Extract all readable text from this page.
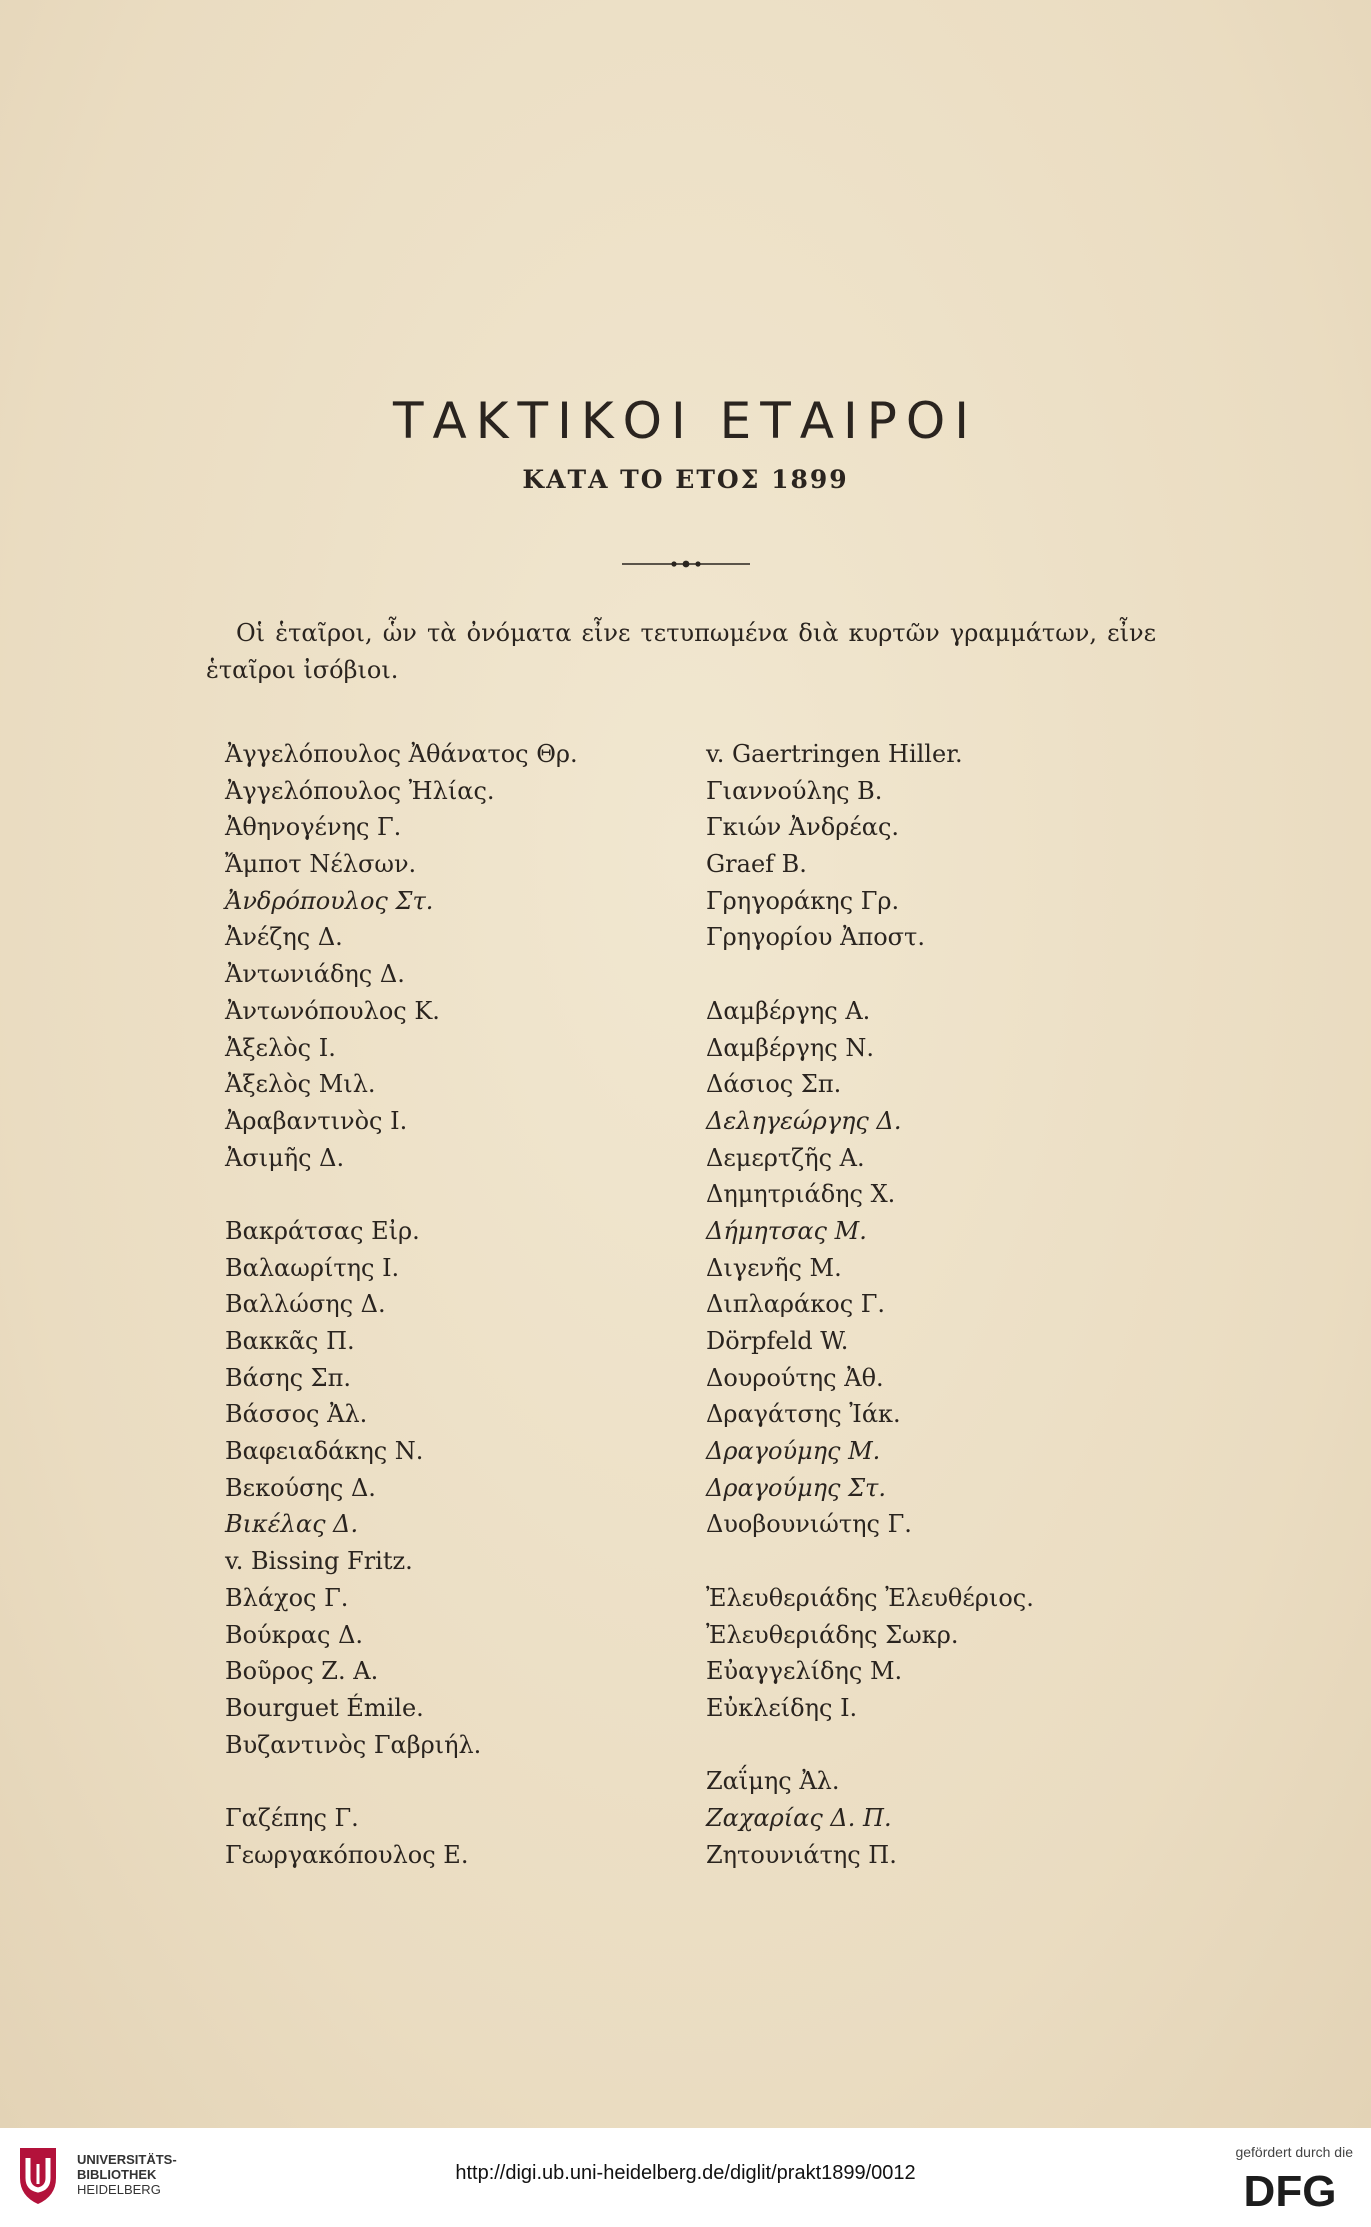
ΤΑΚΤΙΚΟΙ ΕΤΑΙΡΟΙ
ΚΑΤΑ ΤΟ ΕΤΟΣ 1899
Οἱ ἑταῖροι, ὧν τὰ ὀνόματα εἶνε τετυπωμένα διὰ κυρτῶν γραμμάτων, εἶνε ἑταῖροι ἰσόβιοι.
Ἀγγελόπουλος Ἀθάνατος Θρ.
Ἀγγελόπουλος Ἠλίας.
Ἀθηνογένης Γ.
Ἄμποτ Νέλσων.
Ἀνδρόπουλος Στ.
Ἀνέζης Δ.
Ἀντωνιάδης Δ.
Ἀντωνόπουλος Κ.
Ἀξελὸς Ι.
Ἀξελὸς Μιλ.
Ἀραβαντινὸς Ι.
Ἀσιμῆς Δ.
Βακράτσας Εἰρ.
Βαλαωρίτης Ι.
Βαλλώσης Δ.
Βακκᾶς Π.
Βάσης Σπ.
Βάσσος Ἀλ.
Βαφειαδάκης Ν.
Βεκούσης Δ.
Βικέλας Δ.
v. Bissing Fritz.
Βλάχος Γ.
Βούκρας Δ.
Βοῦρος Ζ. Α.
Bourguet Émile.
Βυζαντινὸς Γαβριήλ.
Γαζέπης Γ.
Γεωργακόπουλος Ε.
v. Gaertringen Hiller.
Γιαννούλης Β.
Γκιών Ἀνδρέας.
Graef Β.
Γρηγοράκης Γρ.
Γρηγορίου Ἀποστ.
Δαμβέργης Α.
Δαμβέργης Ν.
Δάσιος Σπ.
Δεληγεώργης Δ.
Δεμερτζῆς Α.
Δημητριάδης Χ.
Δήμητσας Μ.
Διγενῆς Μ.
Διπλαράκος Γ.
Dörpfeld W.
Δουρούτης Ἀθ.
Δραγάτσης Ἰάκ.
Δραγούμης Μ.
Δραγούμης Στ.
Δυοβουνιώτης Γ.
Ἐλευθεριάδης Ἐλευθέριος.
Ἐλευθεριάδης Σωκρ.
Εὐαγγελίδης Μ.
Εὐκλείδης Ι.
Ζαΐμης Ἀλ.
Ζαχαρίας Δ. Π.
Ζητουνιάτης Π.
UNIVERSITÄTS-
BIBLIOTHEK
HEIDELBERG
http://digi.ub.uni-heidelberg.de/diglit/prakt1899/0012
gefördert durch die
DFG
